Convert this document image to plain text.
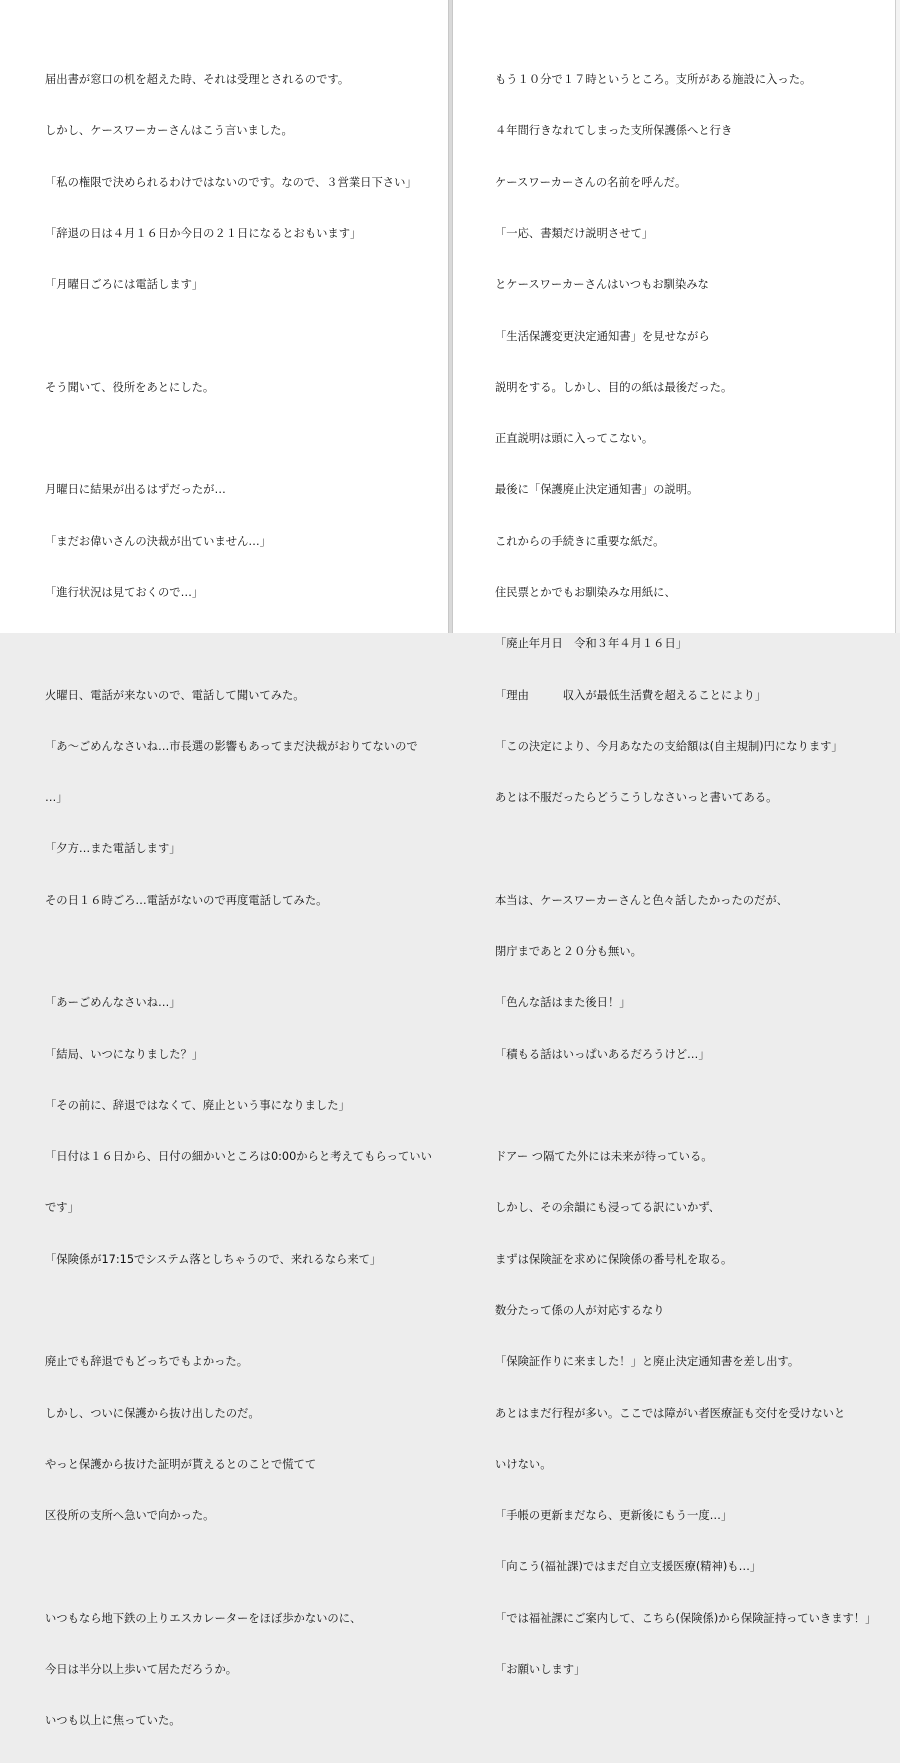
届出書が窓口の机を超えた時、それは受理とされるのです。

しかし、ケースワーカーさんはこう言いました。

「私の権限で決められるわけではないのです。なので、３営業日下さい」

「辞退の日は４月１６日か今日の２１日になるとおもいます」

「月曜日ごろには電話します」

そう聞いて、役所をあとにした。

月曜日に結果が出るはずだったが…

「まだお偉いさんの決裁が出ていません…」

「進行状況は見ておくので…」

火曜日、電話が来ないので、電話して聞いてみた。

「あ～ごめんなさいね…市長選の影響もあってまだ決裁がおりてないので

…」

「夕方…また電話します」

その日１６時ごろ…電話がないので再度電話してみた。

「あーごめんなさいね…」

「結局、いつになりました？」

「その前に、辞退ではなくて、廃止という事になりました」

「日付は１６日から、日付の細かいところは0:00からと考えてもらっていい

です」

「保険係が17:15でシステム落としちゃうので、来れるなら来て」

廃止でも辞退でもどっちでもよかった。

しかし、ついに保護から抜け出したのだ。

やっと保護から抜けた証明が貰えるとのことで慌てて

区役所の支所へ急いで向かった。

いつもなら地下鉄の上りエスカレーターをほぼ歩かないのに、

今日は半分以上歩いて居ただろうか。

いつも以上に焦っていた。

もう１０分で１７時というところ。支所がある施設に入った。

４年間行きなれてしまった支所保護係へと行き

ケースワーカーさんの名前を呼んだ。

「一応、書類だけ説明させて」

とケースワーカーさんはいつもお馴染みな

「生活保護変更決定通知書」を見せながら

説明をする。しかし、目的の紙は最後だった。

正直説明は頭に入ってこない。

最後に「保護廃止決定通知書」の説明。

これからの手続きに重要な紙だ。

住民票とかでもお馴染みな用紙に、

「廃止年月日　令和３年４月１６日」

「理由　　　収入が最低生活費を超えることにより」

「この決定により、今月あなたの支給額は(自主規制)円になります」

あとは不服だったらどうこうしなさいっと書いてある。

本当は、ケースワーカーさんと色々話したかったのだが、

閉庁まであと２０分も無い。

「色んな話はまた後日！」

「積もる話はいっぱいあるだろうけど…」

ドアー つ隔てた外には未来が待っている。

しかし、その余韻にも浸ってる訳にいかず、

まずは保険証を求めに保険係の番号札を取る。

数分たって係の人が対応するなり

「保険証作りに来ました！」と廃止決定通知書を差し出す。

あとはまだ行程が多い。ここでは障がい者医療証も交付を受けないと

いけない。

「手帳の更新まだなら、更新後にもう一度…」

「向こう(福祉課)ではまだ自立支援医療(精神)も…」

「では福祉課にご案内して、こちら(保険係)から保険証持っていきます！」

「お願いします」
